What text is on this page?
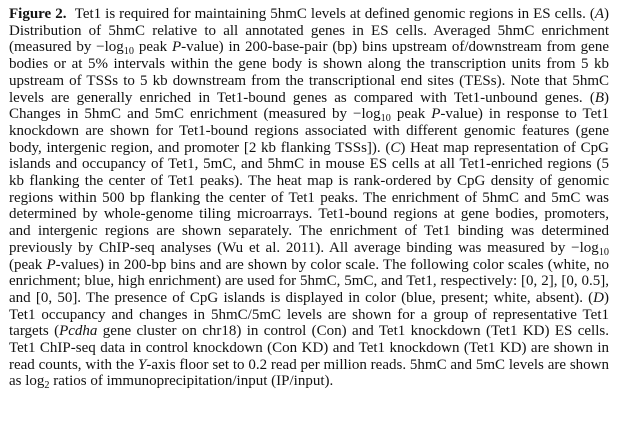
Figure 2. Tet1 is required for maintaining 5hmC levels at defined genomic regions in ES cells. (A) Distribution of 5hmC relative to all annotated genes in ES cells. Averaged 5hmC enrichment (measured by −log10 peak P-value) in 200-base-pair (bp) bins upstream of/downstream from gene bodies or at 5% intervals within the gene body is shown along the transcription units from 5 kb upstream of TSSs to 5 kb downstream from the transcriptional end sites (TESs). Note that 5hmC levels are generally enriched in Tet1-bound genes as compared with Tet1-unbound genes. (B) Changes in 5hmC and 5mC enrichment (measured by −log10 peak P-value) in response to Tet1 knockdown are shown for Tet1-bound regions associated with different genomic features (gene body, intergenic region, and promoter [2 kb flanking TSSs]). (C) Heat map representation of CpG islands and occupancy of Tet1, 5mC, and 5hmC in mouse ES cells at all Tet1-enriched regions (5 kb flanking the center of Tet1 peaks). The heat map is rank-ordered by CpG density of genomic regions within 500 bp flanking the center of Tet1 peaks. The enrichment of 5hmC and 5mC was determined by whole-genome tiling microarrays. Tet1-bound regions at gene bodies, promoters, and intergenic regions are shown separately. The enrichment of Tet1 binding was determined previously by ChIP-seq analyses (Wu et al. 2011). All average binding was measured by −log10 (peak P-values) in 200-bp bins and are shown by color scale. The following color scales (white, no enrichment; blue, high enrichment) are used for 5hmC, 5mC, and Tet1, respectively: [0, 2], [0, 0.5], and [0, 50]. The presence of CpG islands is displayed in color (blue, present; white, absent). (D) Tet1 occupancy and changes in 5hmC/5mC levels are shown for a group of representative Tet1 targets (Pcdha gene cluster on chr18) in control (Con) and Tet1 knockdown (Tet1 KD) ES cells. Tet1 ChIP-seq data in control knockdown (Con KD) and Tet1 knockdown (Tet1 KD) are shown in read counts, with the Y-axis floor set to 0.2 read per million reads. 5hmC and 5mC levels are shown as log2 ratios of immunoprecipitation/input (IP/input).
